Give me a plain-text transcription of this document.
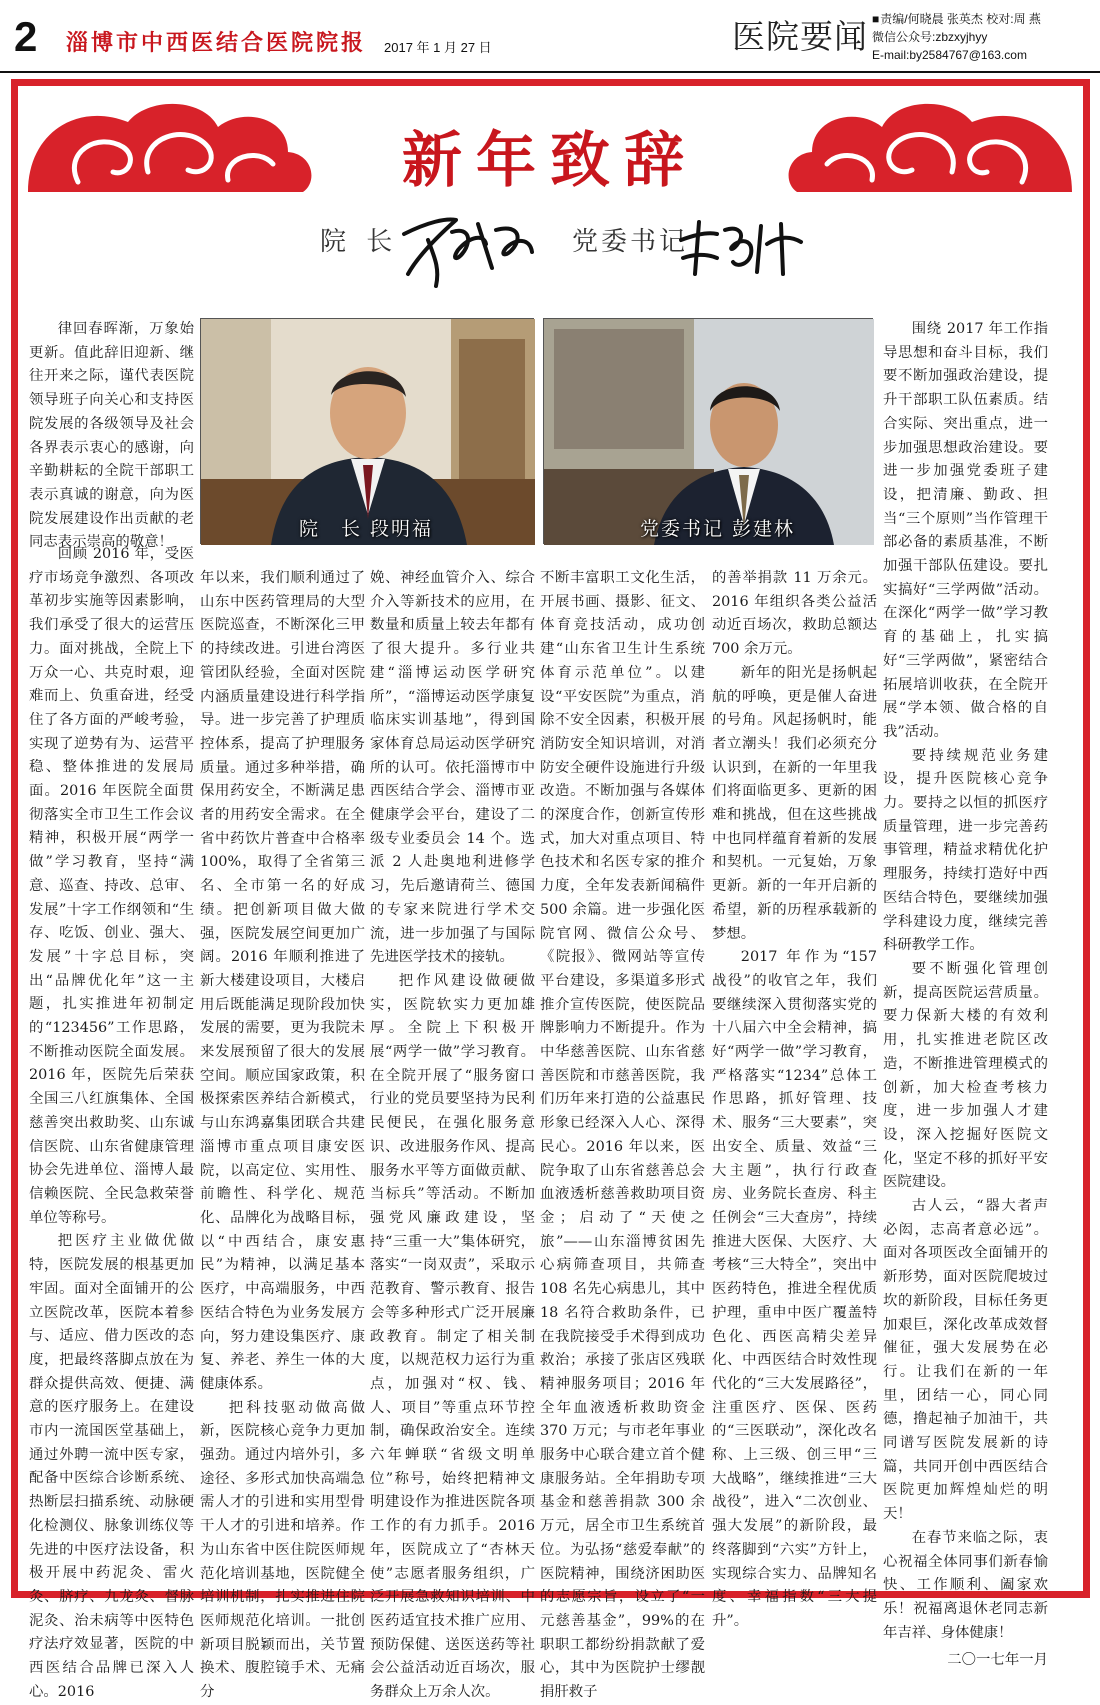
2 淄博市中西医结合医院院报 2017 年 1 月 27 日	医院要闻
■	责编/何晓晨 张英杰 校对:周 燕
微信公众号:zbzxyjhyy
E-mail:by2584767@163.com
新年致辞
院 长	党委书记
院　长 段明福	党委书记 彭建林

律回春晖渐，万象始更新。值此辞旧迎新、继往开来之际，谨代表医院领导班子向关心和支持医院发展的各级领导及社会各界表示衷心的感谢，向辛勤耕耘的全院干部职工表示真诚的谢意，向为医院发展建设作出贡献的老同志表示崇高的敬意！

回顾 2016 年，受医疗市场竞争激烈、各项改革初步实施等因素影响，我们承受了很大的运营压力。面对挑战，全院上下万众一心、共克时艰，迎难而上、负重奋进，经受住了各方面的严峻考验，实现了逆势有为、运营平稳、整体推进的发展局面。2016 年医院全面贯彻落实全市卫生工作会议精神，积极开展“两学一做”学习教育，坚持“满意、巡查、持改、总审、发展”十字工作纲领和“生存、吃饭、创业、强大、发展”十字总目标，突出“品牌优化年”这一主题，扎实推进年初制定的“123456”工作思路，不断推动医院全面发展。2016 年，医院先后荣获全国三八红旗集体、全国慈善突出救助奖、山东诚信医院、山东省健康管理协会先进单位、淄博人最信赖医院、全民急救荣誉单位等称号。

把医疗主业做优做特，医院发展的根基更加牢固。面对全面铺开的公立医院改革，医院本着参与、适应、借力医改的态度，把最终落脚点放在为群众提供高效、便捷、满意的医疗服务上。在建设市内一流国医堂基础上，通过外聘一流中医专家，配备中医综合诊断系统、热断层扫描系统、动脉硬化检测仪、脉象训练仪等先进的中医疗法设备，积极开展中药泥灸、雷火灸、脐疗、九龙灸、督脉泥灸、治未病等中医特色疗法疗效显著，医院的中西医结合品牌已深入人心。2016

年以来，我们顺利通过了山东中医药管理局的大型医院巡查，不断深化三甲的持续改进。引进台湾医管团队经验，全面对医院内涵质量建设进行科学指导。进一步完善了护理质控体系，提高了护理服务质量。通过多种举措，确保用药安全，不断满足患者的用药安全需求。在全省中药饮片普查中合格率 100%，取得了全省第三名、全市第一名的好成绩。把创新项目做大做强，医院发展空间更加广阔。2016 年顺利推进了新大楼建设项目，大楼启用后既能满足现阶段加快发展的需要，更为我院未来发展预留了很大的发展空间。顺应国家政策，积极探索医养结合新模式，与山东鸿嘉集团联合共建淄博市重点项目康安医院，以高定位、实用性、前瞻性、科学化、规范化、品牌化为战略目标，以“中西结合，康安惠民”为精神，以满足基本医疗，中高端服务，中西医结合特色为业务发展方向，努力建设集医疗、康复、养老、养生一体的大健康体系。

把科技驱动做高做新，医院核心竞争力更加强劲。通过内培外引，多途径、多形式加快高端急需人才的引进和实用型骨干人才的引进和培养。作为山东省中医住院医师规范化培训基地，医院健全培训机制，扎实推进住院医师规范化培训。一批创新项目脱颖而出，关节置换术、腹腔镜手术、无痛分

娩、神经血管介入、综合介入等新技术的应用，在数量和质量上较去年都有了很大提升。多行业共建“淄博运动医学研究所”，“淄博运动医学康复临床实训基地”，得到国家体育总局运动医学研究所的认可。依托淄博市中西医结合学会、淄博市亚健康学会平台，建设了二级专业委员会 14 个。选派 2 人赴奥地利进修学习，先后邀请荷兰、德国的专家来院进行学术交流，进一步加强了与国际先进医学技术的接轨。

把作风建设做硬做实，医院软实力更加雄厚。全院上下积极开展“两学一做”学习教育。在全院开展了“服务窗口行业的党员要坚持为民利民便民，在强化服务意识、改进服务作风、提高服务水平等方面做贡献、当标兵”等活动。不断加强党风廉政建设，坚持“三重一大”集体研究，落实“一岗双责”，采取示范教育、警示教育、报告会等多种形式广泛开展廉政教育。制定了相关制度，以规范权力运行为重点，加强对“权、钱、人、项目”等重点环节控制，确保政治安全。连续六年蝉联“省级文明单位”称号，始终把精神文明建设作为推进医院各项工作的有力抓手。2016 年，医院成立了“杏林天使”志愿者服务组织，广泛开展急救知识培训、中医药适宜技术推广应用、预防保健、送医送药等社会公益活动近百场次，服务群众上万余人次。

不断丰富职工文化生活，开展书画、摄影、征文、体育竞技活动，成功创建“山东省卫生计生系统体育示范单位”。以建设“平安医院”为重点，消除不安全因素，积极开展消防安全知识培训，对消防安全硬件设施进行升级改造。不断加强与各媒体的深度合作，创新宣传形式，加大对重点项目、特色技术和名医专家的推介力度，全年发表新闻稿件 500 余篇。进一步强化医院官网、微信公众号、《院报》、微网站等宣传平台建设，多渠道多形式推介宣传医院，使医院品牌影响力不断提升。作为中华慈善医院、山东省慈善医院和市慈善医院，我们历年来打造的公益惠民形象已经深入人心、深得民心。2016 年以来，医院争取了山东省慈善总会血液透析慈善救助项目资金；启动了“天使之旅”——山东淄博贫困先心病筛查项目，共筛查 108 名先心病患儿，其中 18 名符合救助条件，已在我院接受手术得到成功救治；承接了张店区残联精神服务项目；2016 年全年血液透析救助资金 370 万元；与市老年事业服务中心联合建立首个健康服务站。全年捐助专项基金和慈善捐款 300 余万元，居全市卫生系统首位。为弘扬“慈爱奉献”的医院精神，围绕济困助医的志愿宗旨，设立了“一元慈善基金”，99%的在职职工都纷纷捐款献了爱心，其中为医院护士缪靓捐肝救子

的善举捐款 11 万余元。2016 年组织各类公益活动近百场次，救助总额达 700 余万元。

新年的阳光是扬帆起航的呼唤，更是催人奋进的号角。风起扬帆时，能者立潮头！我们必须充分认识到，在新的一年里我们将面临更多、更新的困难和挑战，但在这些挑战中也同样蕴育着新的发展和契机。一元复始，万象更新。新的一年开启新的希望，新的历程承载新的梦想。

2017 年作为“157 战役”的收官之年，我们要继续深入贯彻落实党的十八届六中全会精神，搞好“两学一做”学习教育，严格落实“1234”总体工作思路，抓好管理、技术、服务“三大要素”，突出安全、质量、效益“三大主题”，执行行政查房、业务院长查房、科主任例会“三大查房”，持续推进大医保、大医疗、大考核“三大特全”，突出中医药特色，推进全程优质护理，重申中医广覆盖特色化、西医高精尖差异化、中西医结合时效性现代化的“三大发展路径”，注重医疗、医保、医药的“三医联动”，深化改名称、上三级、创三甲“三大战略”，继续推进“三大战役”，进入“二次创业、强大发展”的新阶段，最终落脚到“六实”方针上，实现综合实力、品牌知名度、幸福指数“三大提升”。

围绕 2017 年工作指导思想和奋斗目标，我们要不断加强政治建设，提升干部职工队伍素质。结合实际、突出重点，进一步加强思想政治建设。要进一步加强党委班子建设，把清廉、勤政、担当“三个原则”当作管理干部必备的素质基准，不断加强干部队伍建设。要扎实搞好“三学两做”活动。在深化“两学一做”学习教育的基础上，扎实搞好“三学两做”，紧密结合拓展培训收获，在全院开展“学本领、做合格的自我”活动。

要持续规范业务建设，提升医院核心竞争力。要持之以恒的抓医疗质量管理，进一步完善药事管理，精益求精优化护理服务，持续打造好中西医结合特色，要继续加强学科建设力度，继续完善科研教学工作。

要不断强化管理创新，提高医院运营质量。要力保新大楼的有效利用，扎实推进老院区改造，不断推进管理模式的创新，加大检查考核力度，进一步加强人才建设，深入挖掘好医院文化，坚定不移的抓好平安医院建设。

古人云，“器大者声必闳，志高者意必远”。面对各项医改全面铺开的新形势，面对医院爬坡过坎的新阶段，目标任务更加艰巨，深化改革成效督催征，强大发展势在必行。让我们在新的一年里，团结一心，同心同德，撸起袖子加油干，共同谱写医院发展新的诗篇，共同开创中西医结合医院更加辉煌灿烂的明天！

在春节来临之际，衷心祝福全体同事们新春愉快、工作顺利、阖家欢乐！祝福离退休老同志新年吉祥、身体健康！

二〇一七年一月
